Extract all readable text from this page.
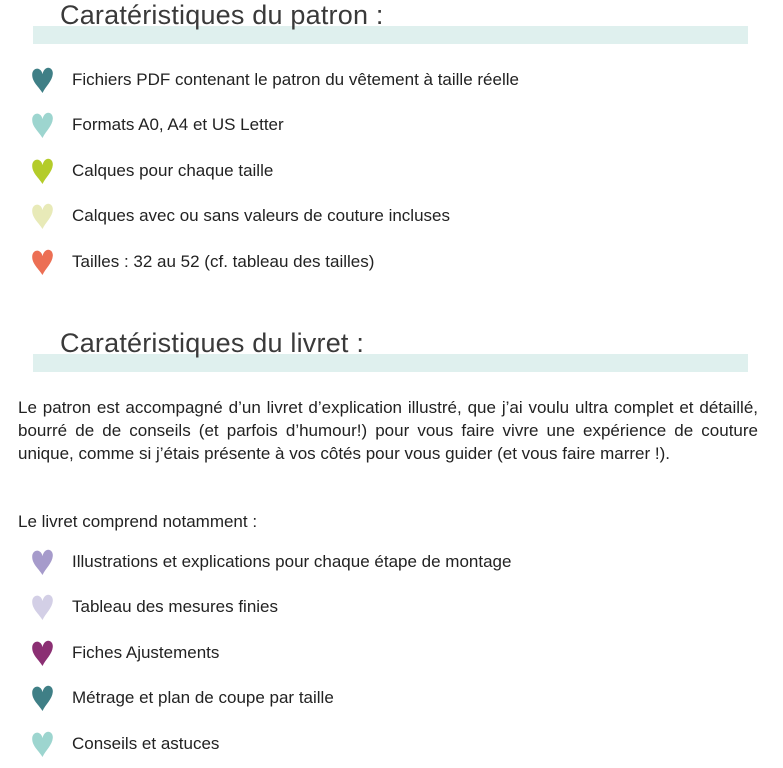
Caratéristiques du patron :
Fichiers PDF contenant le patron du vêtement à taille réelle
Formats A0, A4 et US Letter
Calques pour chaque taille
Calques avec ou sans valeurs de couture incluses
Tailles : 32 au 52 (cf. tableau des tailles)
Caratéristiques du livret :

Le patron est accompagné d’un livret d’explication illustré, que j’ai voulu ultra complet et détaillé, bourré de de conseils (et parfois d’humour!) pour vous faire vivre une expérience de couture unique, comme si j’étais présente à vos côtés pour vous guider (et vous faire marrer !).

Le livret comprend notamment :

Illustrations et explications pour chaque étape de montage
Tableau des mesures finies
Fiches Ajustements
Métrage et plan de coupe par taille
Conseils et astuces
